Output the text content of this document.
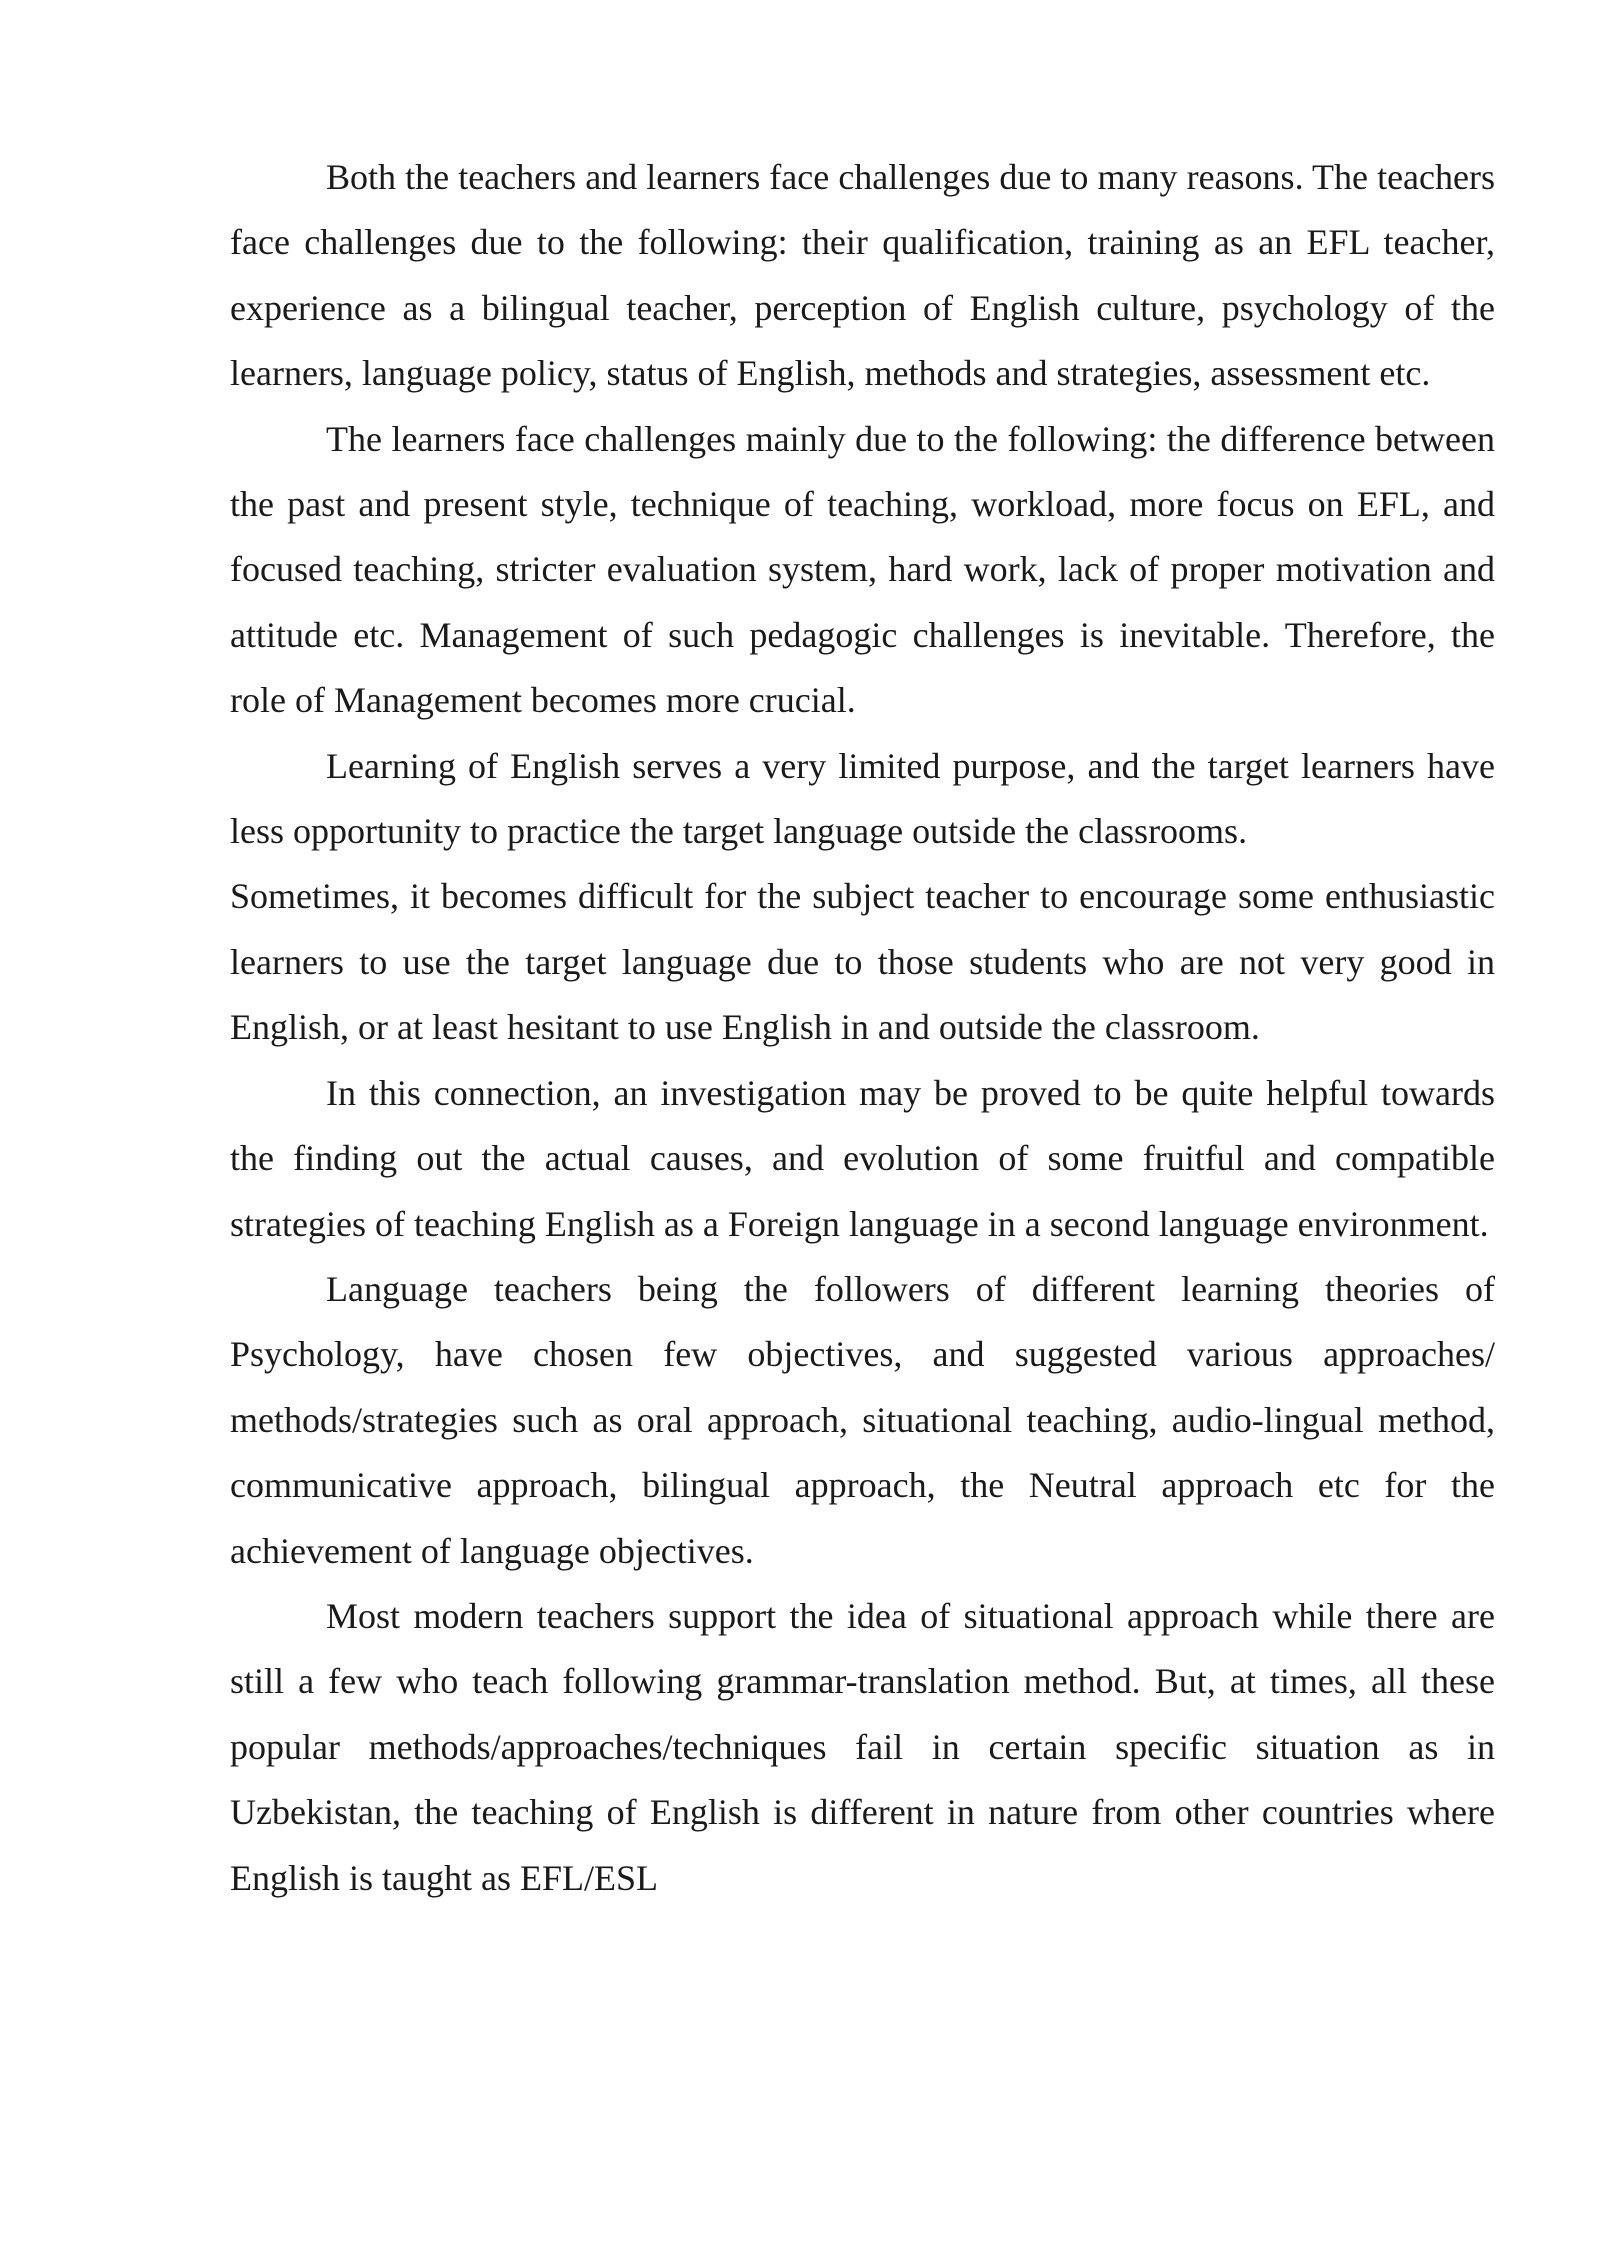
Both the teachers and learners face challenges due to many reasons. The teachers face challenges due to the following: their qualification, training as an EFL teacher, experience as a bilingual teacher, perception of English culture, psychology of the learners, language policy, status of English, methods and strategies, assessment etc.

The learners face challenges mainly due to the following: the difference between the past and present style, technique of teaching, workload, more focus on EFL, and focused teaching, stricter evaluation system, hard work, lack of proper motivation and attitude etc. Management of such pedagogic challenges is inevitable. Therefore, the role of Management becomes more crucial.

Learning of English serves a very limited purpose, and the target learners have less opportunity to practice the target language outside the classrooms.

Sometimes, it becomes difficult for the subject teacher to encourage some enthusiastic learners to use the target language due to those students who are not very good in English, or at least hesitant to use English in and outside the classroom.

In this connection, an investigation may be proved to be quite helpful towards the finding out the actual causes, and evolution of some fruitful and compatible strategies of teaching English as a Foreign language in a second language environment.

Language teachers being the followers of different learning theories of Psychology, have chosen few objectives, and suggested various approaches/ methods/strategies such as oral approach, situational teaching, audio-lingual method, communicative approach, bilingual approach, the Neutral approach etc for the achievement of language objectives.

Most modern teachers support the idea of situational approach while there are still a few who teach following grammar-translation method. But, at times, all these popular methods/approaches/techniques fail in certain specific situation as in Uzbekistan, the teaching of English is different in nature from other countries where English is taught as EFL/ESL
